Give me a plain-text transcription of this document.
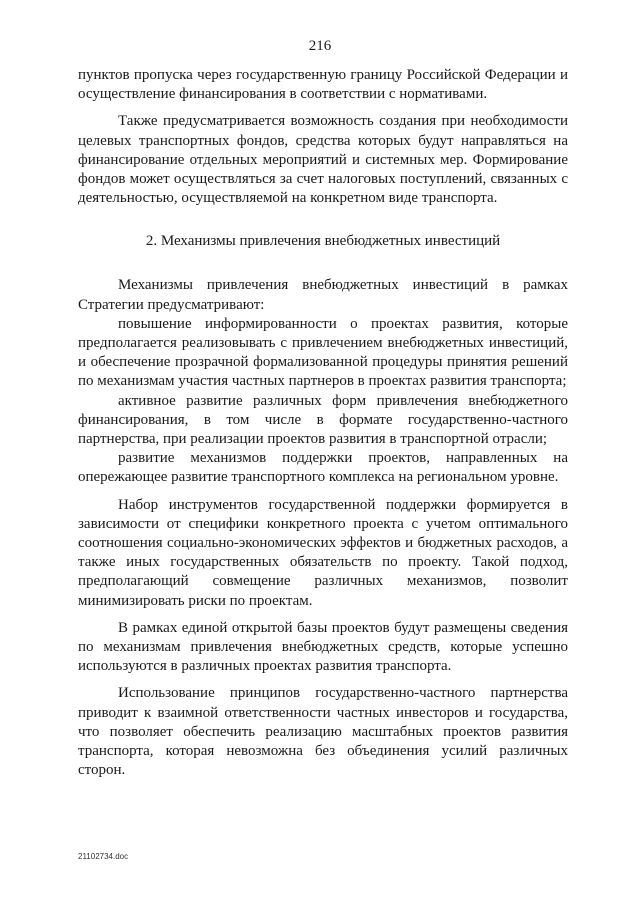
216

пунктов пропуска через государственную границу Российской Федерации и осуществление финансирования в соответствии с нормативами.

Также предусматривается возможность создания при необходимости целевых транспортных фондов, средства которых будут направляться на финансирование отдельных мероприятий и системных мер. Формирование фондов может осуществляться за счет налоговых поступлений, связанных с деятельностью, осуществляемой на конкретном виде транспорта.

2. Механизмы привлечения внебюджетных инвестиций

Механизмы привлечения внебюджетных инвестиций в рамках Стратегии предусматривают:

повышение информированности о проектах развития, которые предполагается реализовывать с привлечением внебюджетных инвестиций, и обеспечение прозрачной формализованной процедуры принятия решений по механизмам участия частных партнеров в проектах развития транспорта;

активное развитие различных форм привлечения внебюджетного финансирования, в том числе в формате государственно-частного партнерства, при реализации проектов развития в транспортной отрасли;

развитие механизмов поддержки проектов, направленных на опережающее развитие транспортного комплекса на региональном уровне.

Набор инструментов государственной поддержки формируется в зависимости от специфики конкретного проекта с учетом оптимального соотношения социально-экономических эффектов и бюджетных расходов, а также иных государственных обязательств по проекту. Такой подход, предполагающий совмещение различных механизмов, позволит минимизировать риски по проектам.

В рамках единой открытой базы проектов будут размещены сведения по механизмам привлечения внебюджетных средств, которые успешно используются в различных проектах развития транспорта.

Использование принципов государственно-частного партнерства приводит к взаимной ответственности частных инвесторов и государства, что позволяет обеспечить реализацию масштабных проектов развития транспорта, которая невозможна без объединения усилий различных сторон.

21102734.doc
